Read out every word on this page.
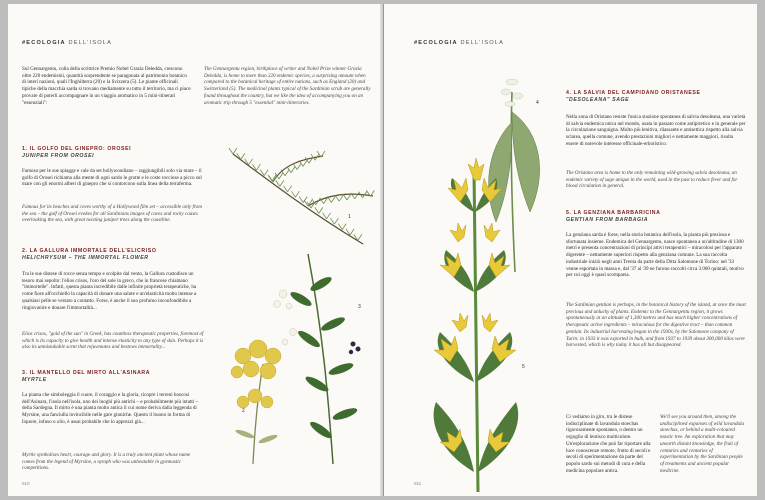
#ECOLOGIA DELL'ISOLA
Sul Gennargentu, culla della scrittrice Premio Nobel Grazia Deledda, crescono oltre 220 endemismi, quantità sorprendente se paragonata al patrimonio botanico di interi nazioni, quali l'Inghilterra (20) e la Svizzera (5). Le piante officinali tipiche della macchia sarda si trovano mediamente su tutto il territorio, ma ci piace provare di poterli accompagnare in un viaggio aromatico in 5 mini-itinerari "essenziali":
The Gennargentu region, birthplace of writer and Nobel Prize winner Grazia Deledda, is home to more than 220 endemic species, a surprising amount when compared to the botanical heritage of entire nations, such as England (20) and Switzerland (5). The medicinal plants typical of the Sardinian scrub are generally found throughout the country, but we like the idea of accompanying you on an aromatic trip through 5 "essential" mini-itineraries.
1. IL GOLFO DEL GINEPRO: OROSEI
JUNIPER FROM OROSEI
Famoso per le sue spiagge e cale da set hollywoodiano – raggiungibili solo via mare – il golfo di Orosei richiama alla mente di ogni sardo le grotte e le coste rocciose a picco sul mare con gli enormi alberi di ginepro che si contorcono sulla linea della terraferma.
Famous for its beaches and coves worthy of a Hollywood film set – accessible only from the sea – the gulf of Orosei evokes for all Sardinians images of caves and rocky coasts overlooking the sea, with great twisting juniper trees along the coastline.
2. LA GALLURA IMMORTALE DELL'ELICRISO
HELICHRYSUM – THE IMMORTAL FLOWER
Tra le sue distese di rocce senza tempo e scolpite dal vento, la Gallura custodisce un tesoro mai sepolto: l'elios crisos, l'oro del sole in greco, che in francese chiamano "immortelle". Infatti, questa pianta incredibile dalle infinite proprietà terapeutiche, ha come fiore all'occhiello la capacità di donare una salute e un'elasticità molto intense a qualsiasi pelle se versato a contatto. Forse, è anche il suo profumo inconfondibile a ringiovanire e donare l'immortalità...
Elios crisos, "gold of the sun" in Greek, has countless therapeutic properties, foremost of which is its capacity to give health and intense elasticity to any type of skin. Perhaps it is also its unmistakable scent that rejuvenates and bestows immortality...
3. IL MANTELLO DEL MIRTO ALL'ASINARA
MYRTLE
La pianta che simboleggia il cuore, il coraggio e la gloria, ricopre i terreni boscosi dell'Asinara, l'isola nell'isola, uno dei luoghi più antichi – e probabilmente più intatti – della Sardegna. Il mirto è una pianta molto antica il cui nome deriva dalla leggenda di Myrsine, una fanciulla invincibile nelle gare ginniche. Questo il buono in forma di liquore, infuso o olio, è assai probabile che lo apprezzi già...
Myrtle symbolises heart, courage and glory. It is a truly ancient plant whose name comes from the legend of Myrsine, a nymph who was unbeatable in gymnastic competitions.
1
2
3
010
#ECOLOGIA DELL'ISOLA
4
5
4. LA SALVIA DEL CAMPIDANO ORISTANESE
"DESOLEANA" SAGE
Nella zona di Oristano resiste l'unica stazione spontanea di salvia desoleana, una varietà di salvia endemica unica nel mondo, usata in passato come antipiretico e in generale per la circolazione sanguigna. Molto più lenitiva, rilassante e antisettica rispetto alla salvia sclarea, quella comune, avendo prestazioni migliori e nettamente maggiori, risulta essere di notevole interesse officinale-erboristico.
The Oristano area is home to the only remaining wild-growing salvia desoleana, an endemic variety of sage unique in the world, used in the past to reduce fever and for blood circulation in general.
5. LA GENZIANA BARBARICINA
GENTIAN FROM BARBAGIA
La genziana sarda è forse, nella storia botanica dell'isola, la pianta più preziosa e sfortunata insieme. Endemica del Gennargentu, nasce spontanea a un'altitudine di 1300 metri e presenta concentrazioni di principi attivi terapeutici – miracolosi per l'apparato digerente – nettamente superiori rispetto alla genziana comune. La sua raccolta industriale iniziò negli anni Trenta da parte della Ditta Salomone di Torino: nel '33 venne esportata in massa e, dal '37 al '39 ne furono raccolti circa 3.000 quintali, motivo per cui oggi è quasi scomparsa.
The Sardinian gentian is perhaps, in the botanical history of the island, at once the most precious and unlucky of plants. Endemic to the Gennargentu region, it grows spontaneously at an altitude of 1,300 metres and has much higher concentrations of therapeutic active ingredients – miraculous for the digestive tract – than common gentian. Its industrial harvesting began in the 1930s, by the Salomone company of Turin: in 1933 it was exported in bulk, and from 1937 to 1939 about 300,000 kilos were harvested, which is why today it has all but disappeared.
Ci vediamo in giro, tra le distese indisciplinate di lavandula stoechas rigorosamente spontanea, o dentro un orgoglio di lentisco multicolore. Un'esplorazione che può far riportare alla luce conoscenze remote, frutto di secoli e secoli di sperimentazione da parte del popolo sardo sui metodi di cura e della medicina popolare antica.
We'll see you around then, among the undisciplined expanses of wild lavandula stoechas, or behind a multi-coloured mastic tree. An exploration that may unearth distant knowledge, the fruit of centuries and centuries of experimentation by the Sardinian people of treatments and ancient popular medicine.
011
